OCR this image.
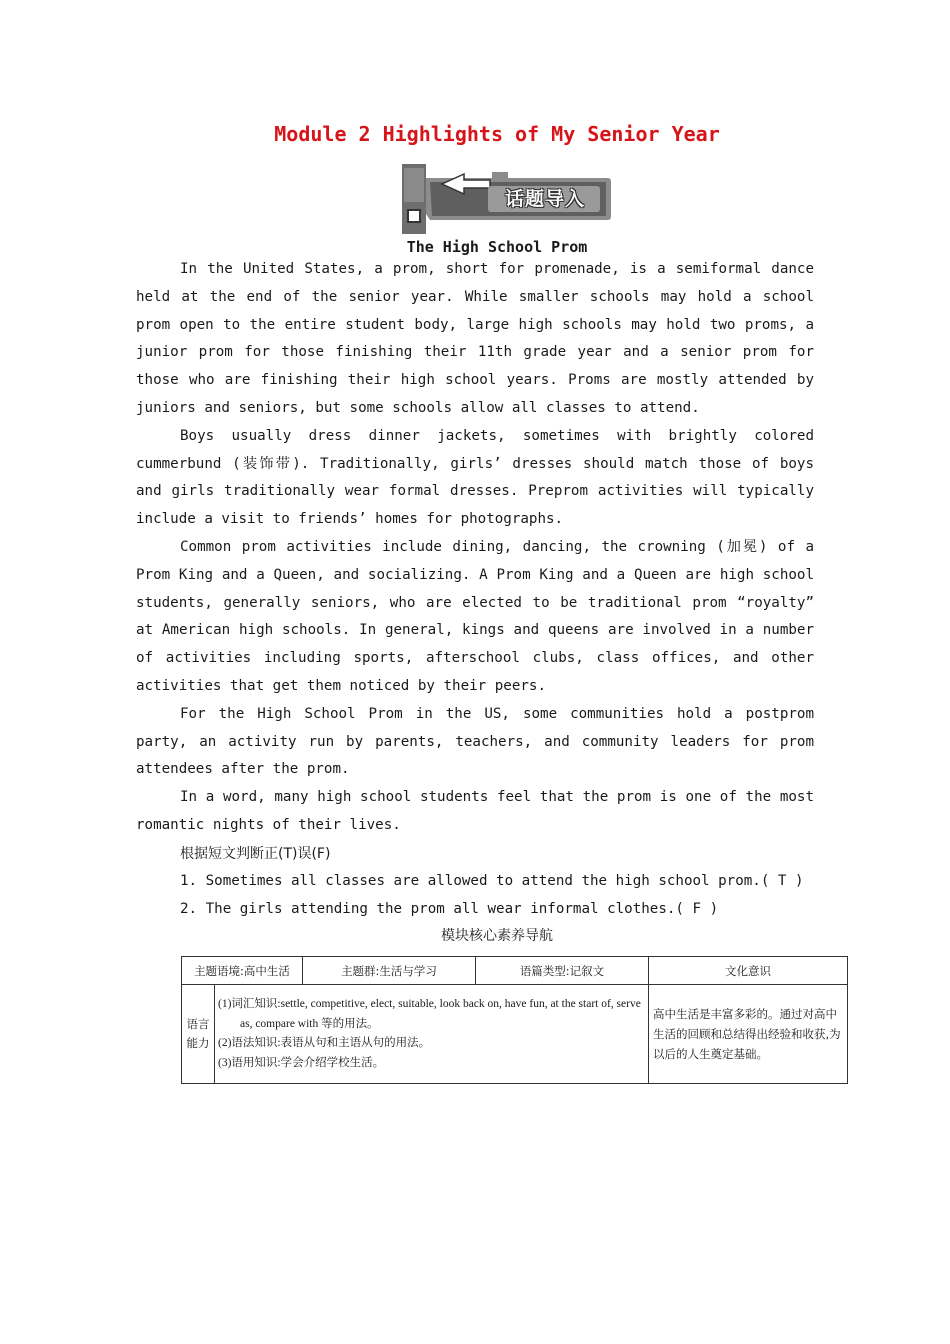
Module 2 Highlights of My Senior Year
话题导入
The High School Prom

In the United States, a prom, short for promenade, is a semiformal dance held at the end of the senior year. While smaller schools may hold a school prom open to the entire student body, large high schools may hold two proms, a junior prom for those finishing their 11th grade year and a senior prom for those who are finishing their high school years. Proms are mostly attended by juniors and seniors, but some schools allow all classes to attend.

Boys usually dress dinner jackets, sometimes with brightly colored cummerbund (装饰带). Traditionally, girls’ dresses should match those of boys and girls traditionally wear formal dresses. Preprom activities will typically include a visit to friends’ homes for photographs.

Common prom activities include dining, dancing, the crowning (加冕) of a Prom King and a Queen, and socializing. A Prom King and a Queen are high school students, generally seniors, who are elected to be traditional prom “royalty” at American high schools. In general, kings and queens are involved in a number of activities including sports, afterschool clubs, class offices, and other activities that get them noticed by their peers.

For the High School Prom in the US, some communities hold a postprom party, an activity run by parents, teachers, and community leaders for prom attendees after the prom.

In a word, many high school students feel that the prom is one of the most romantic nights of their lives.

根据短文判断正(T)误(F)
1. Sometimes all classes are allowed to attend the high school prom.( T )
2. The girls attending the prom all wear informal clothes.( F )
模块核心素养导航
主题语境:高中生活		主题群:生活与学习	语篇类型:记叙文	文化意识
语言能力	(1)词汇知识:settle, competitive, elect, suitable, look back on, have fun, at the start of, serve as, compare with 等的用法。
(2)语法知识:表语从句和主语从句的用法。
(3)语用知识:学会介绍学校生活。			高中生活是丰富多彩的。通过对高中生活的回顾和总结得出经验和收获,为以后的人生奠定基础。
